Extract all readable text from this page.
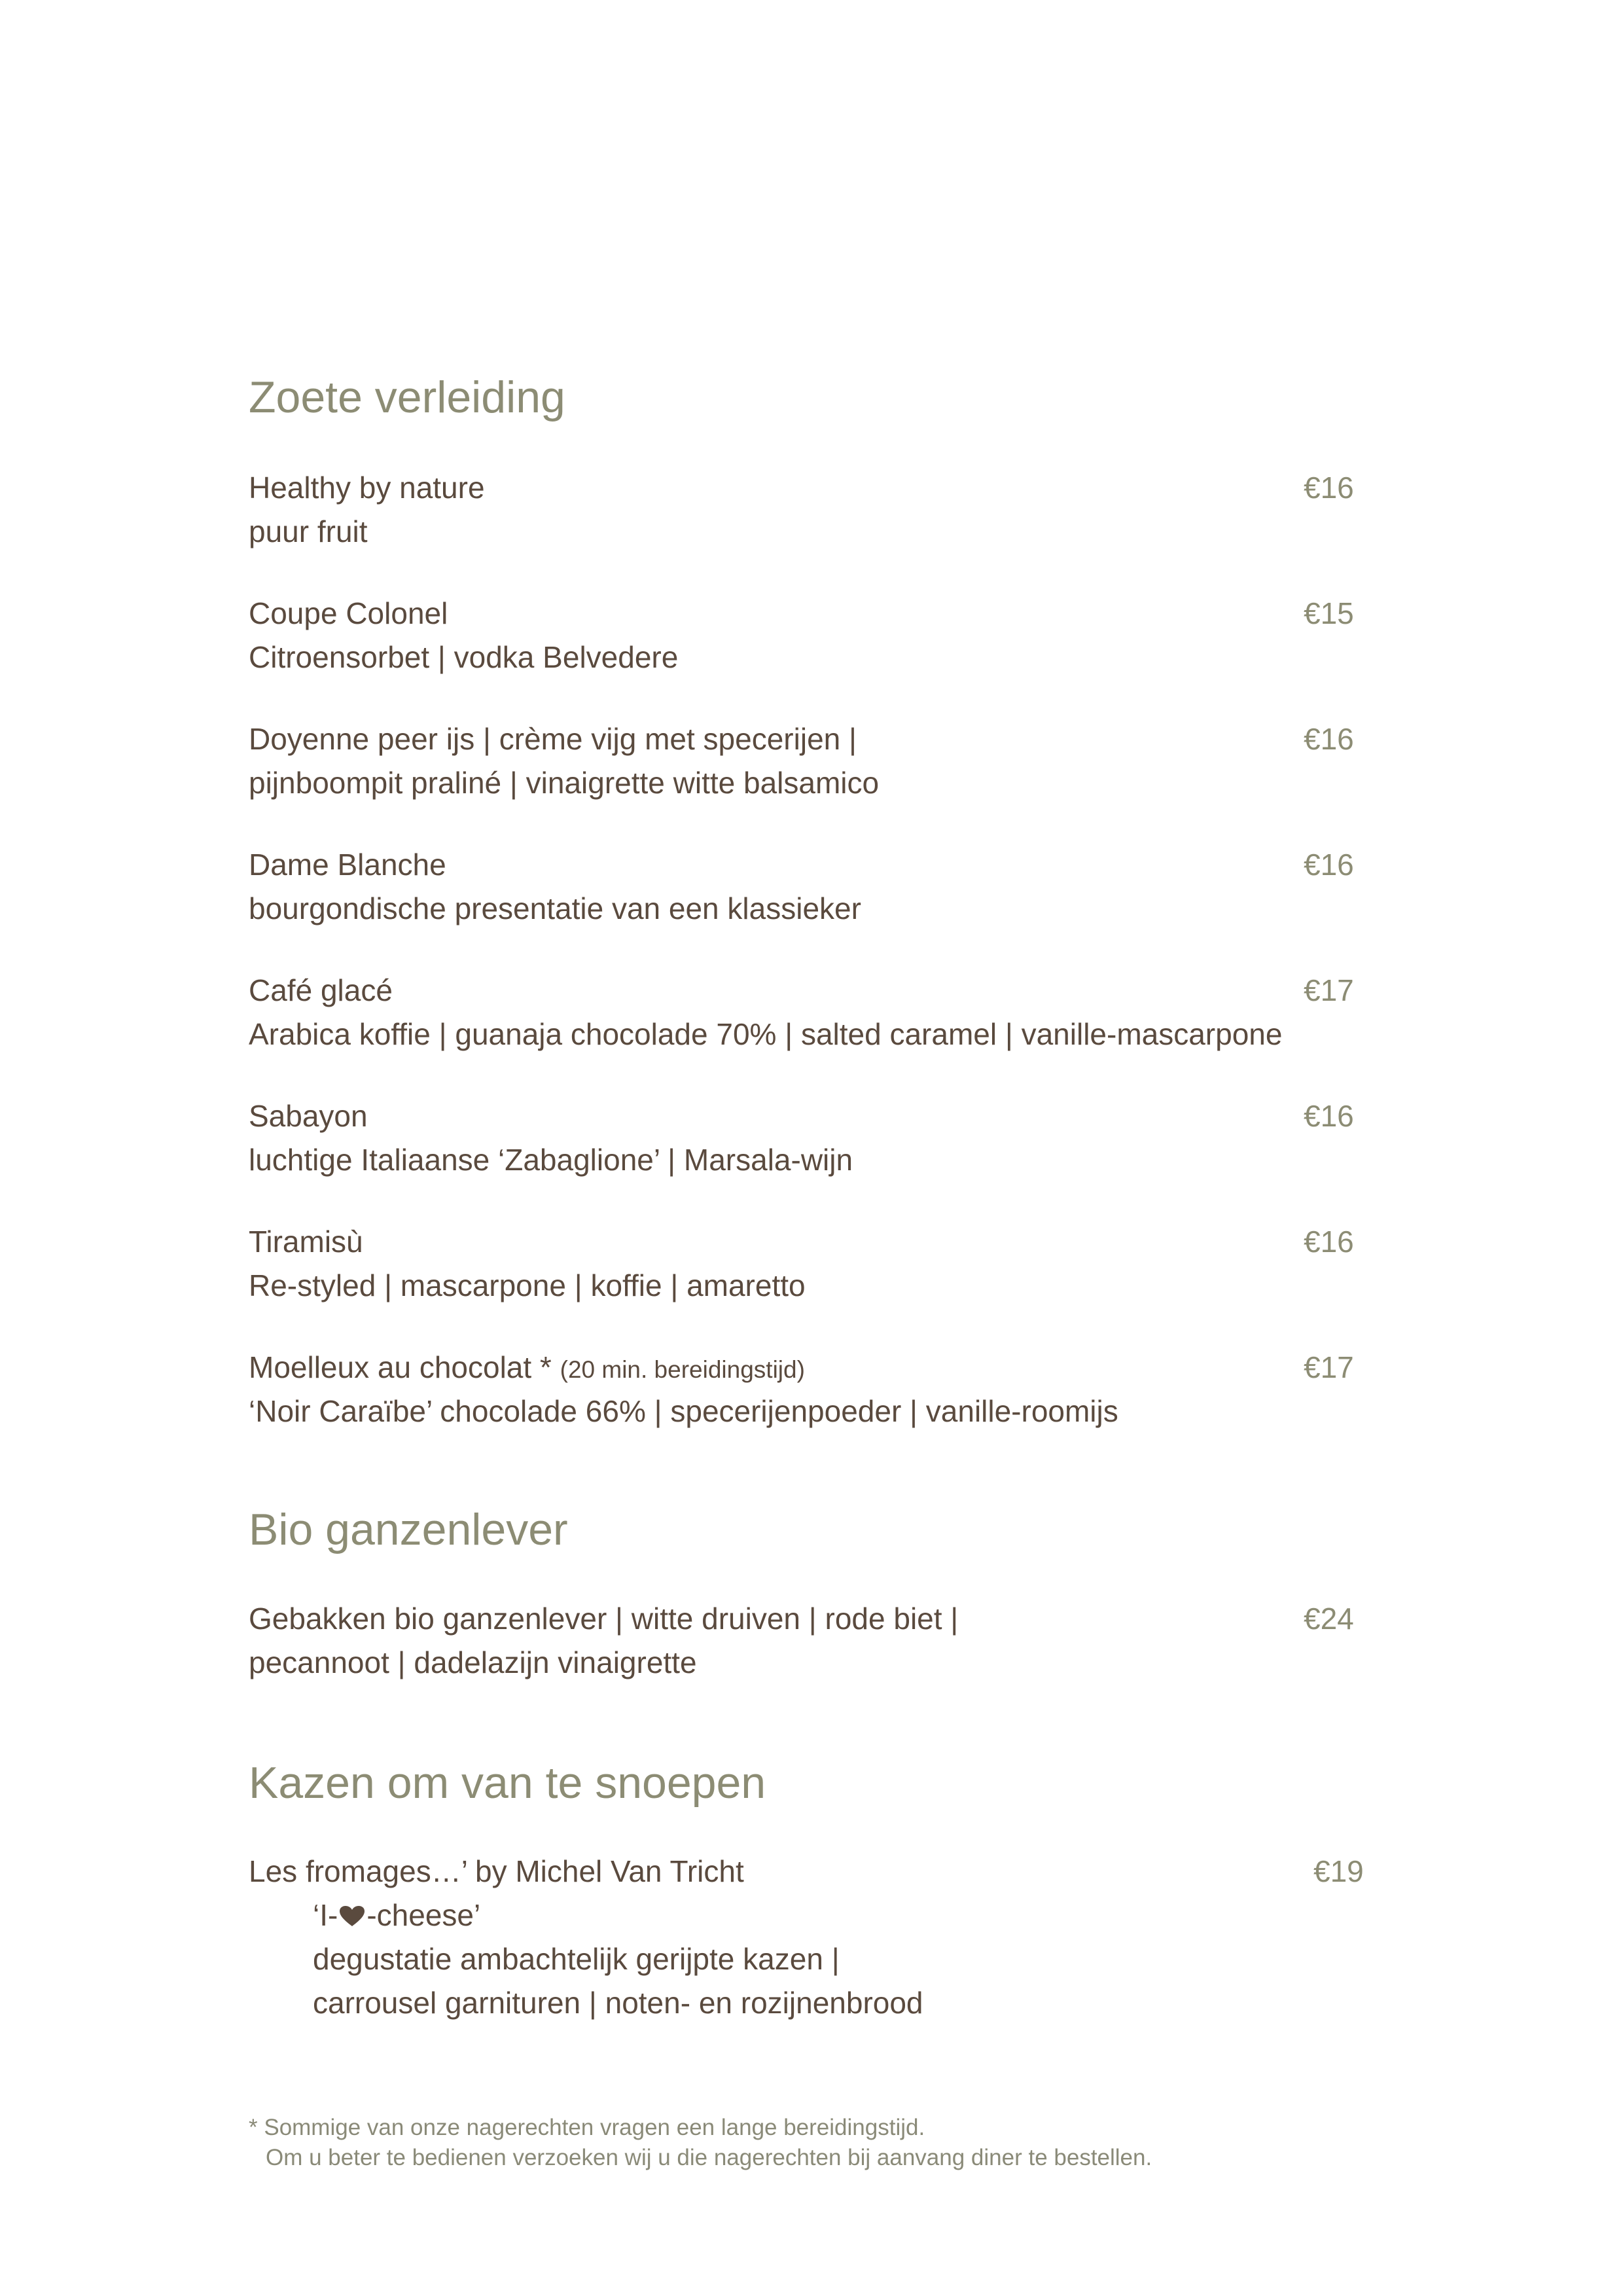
Zoete verleiding
Healthy by nature
puur fruit
€16
Coupe Colonel
Citroensorbet | vodka Belvedere
€15
Doyenne peer ijs | crème vijg met specerijen |
pijnboompit praliné | vinaigrette witte balsamico
€16
Dame Blanche
bourgondische presentatie van een klassieker
€16
Café glacé
Arabica koffie | guanaja chocolade 70% | salted caramel | vanille-mascarpone
€17
Sabayon
luchtige Italiaanse ‘Zabaglione’ | Marsala-wijn
€16
Tiramisù
Re-styled | mascarpone | koffie | amaretto
€16
Moelleux au chocolat * (20 min. bereidingstijd)
‘Noir Caraïbe’ chocolade 66% | specerijenpoeder | vanille-roomijs
€17
Bio ganzenlever
Gebakken bio ganzenlever | witte druiven | rode biet |
pecannoot | dadelazijn vinaigrette
€24
Kazen om van te snoepen
Les fromages…’ by Michel Van Tricht
‘I- -cheese’
degustatie ambachtelijk gerijpte kazen |
carrousel garnituren | noten- en rozijnenbrood
€19
* Sommige van onze nagerechten vragen een lange bereidingstijd.
Om u beter te bedienen verzoeken wij u die nagerechten bij aanvang diner te bestellen.
